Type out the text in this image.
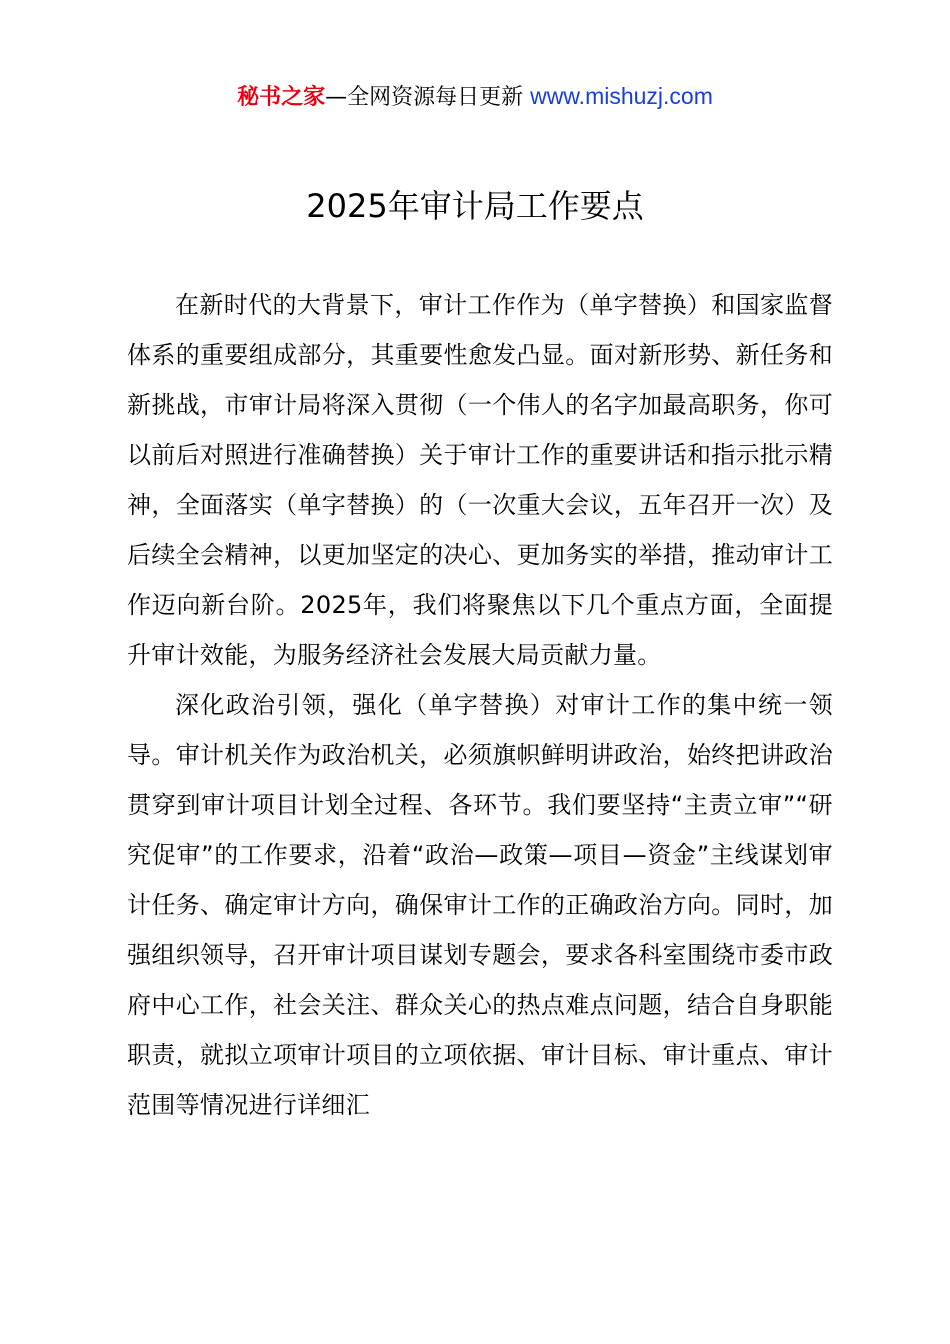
秘书之家—全网资源每日更新 www.mishuzj.com
2025年审计局工作要点

在新时代的大背景下，审计工作作为（单字替换）和国家监督体系的重要组成部分，其重要性愈发凸显。面对新形势、新任务和新挑战，市审计局将深入贯彻（一个伟人的名字加最高职务，你可以前后对照进行准确替换）关于审计工作的重要讲话和指示批示精神，全面落实（单字替换）的（一次重大会议，五年召开一次）及后续全会精神，以更加坚定的决心、更加务实的举措，推动审计工作迈向新台阶。2025年，我们将聚焦以下几个重点方面，全面提升审计效能，为服务经济社会发展大局贡献力量。

深化政治引领，强化（单字替换）对审计工作的集中统一领导。审计机关作为政治机关，必须旗帜鲜明讲政治，始终把讲政治贯穿到审计项目计划全过程、各环节。我们要坚持“主责立审”“研究促审”的工作要求，沿着“政治—政策—项目—资金”主线谋划审计任务、确定审计方向，确保审计工作的正确政治方向。同时，加强组织领导，召开审计项目谋划专题会，要求各科室围绕市委市政府中心工作，社会关注、群众关心的热点难点问题，结合自身职能职责，就拟立项审计项目的立项依据、审计目标、审计重点、审计范围等情况进行详细汇
